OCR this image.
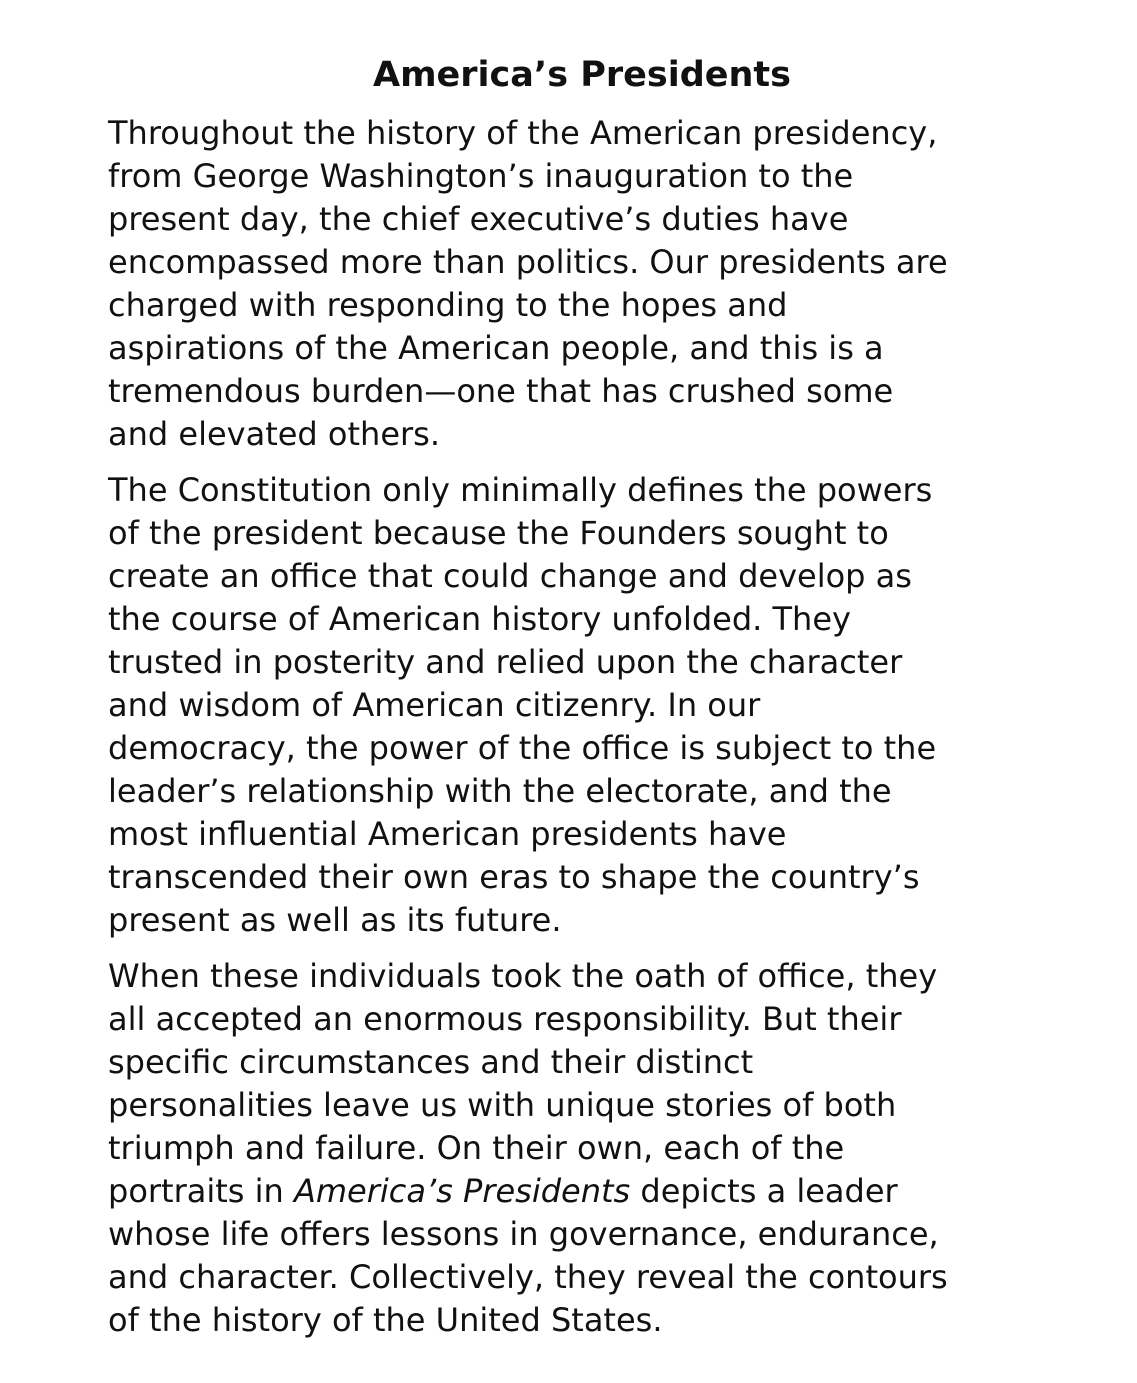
America’s Presidents

Throughout the history of the American presidency,
from George Washington’s inauguration to the
present day, the chief executive’s duties have
encompassed more than politics. Our presidents are
charged with responding to the hopes and
aspirations of the American people, and this is a
tremendous burden—one that has crushed some
and elevated others.

The Constitution only minimally defines the powers
of the president because the Founders sought to
create an office that could change and develop as
the course of American history unfolded. They
trusted in posterity and relied upon the character
and wisdom of American citizenry. In our
democracy, the power of the office is subject to the
leader’s relationship with the electorate, and the
most influential American presidents have
transcended their own eras to shape the country’s
present as well as its future.

When these individuals took the oath of office, they
all accepted an enormous responsibility. But their
specific circumstances and their distinct
personalities leave us with unique stories of both
triumph and failure. On their own, each of the
portraits in America’s Presidents depicts a leader
whose life offers lessons in governance, endurance,
and character. Collectively, they reveal the contours
of the history of the United States.
